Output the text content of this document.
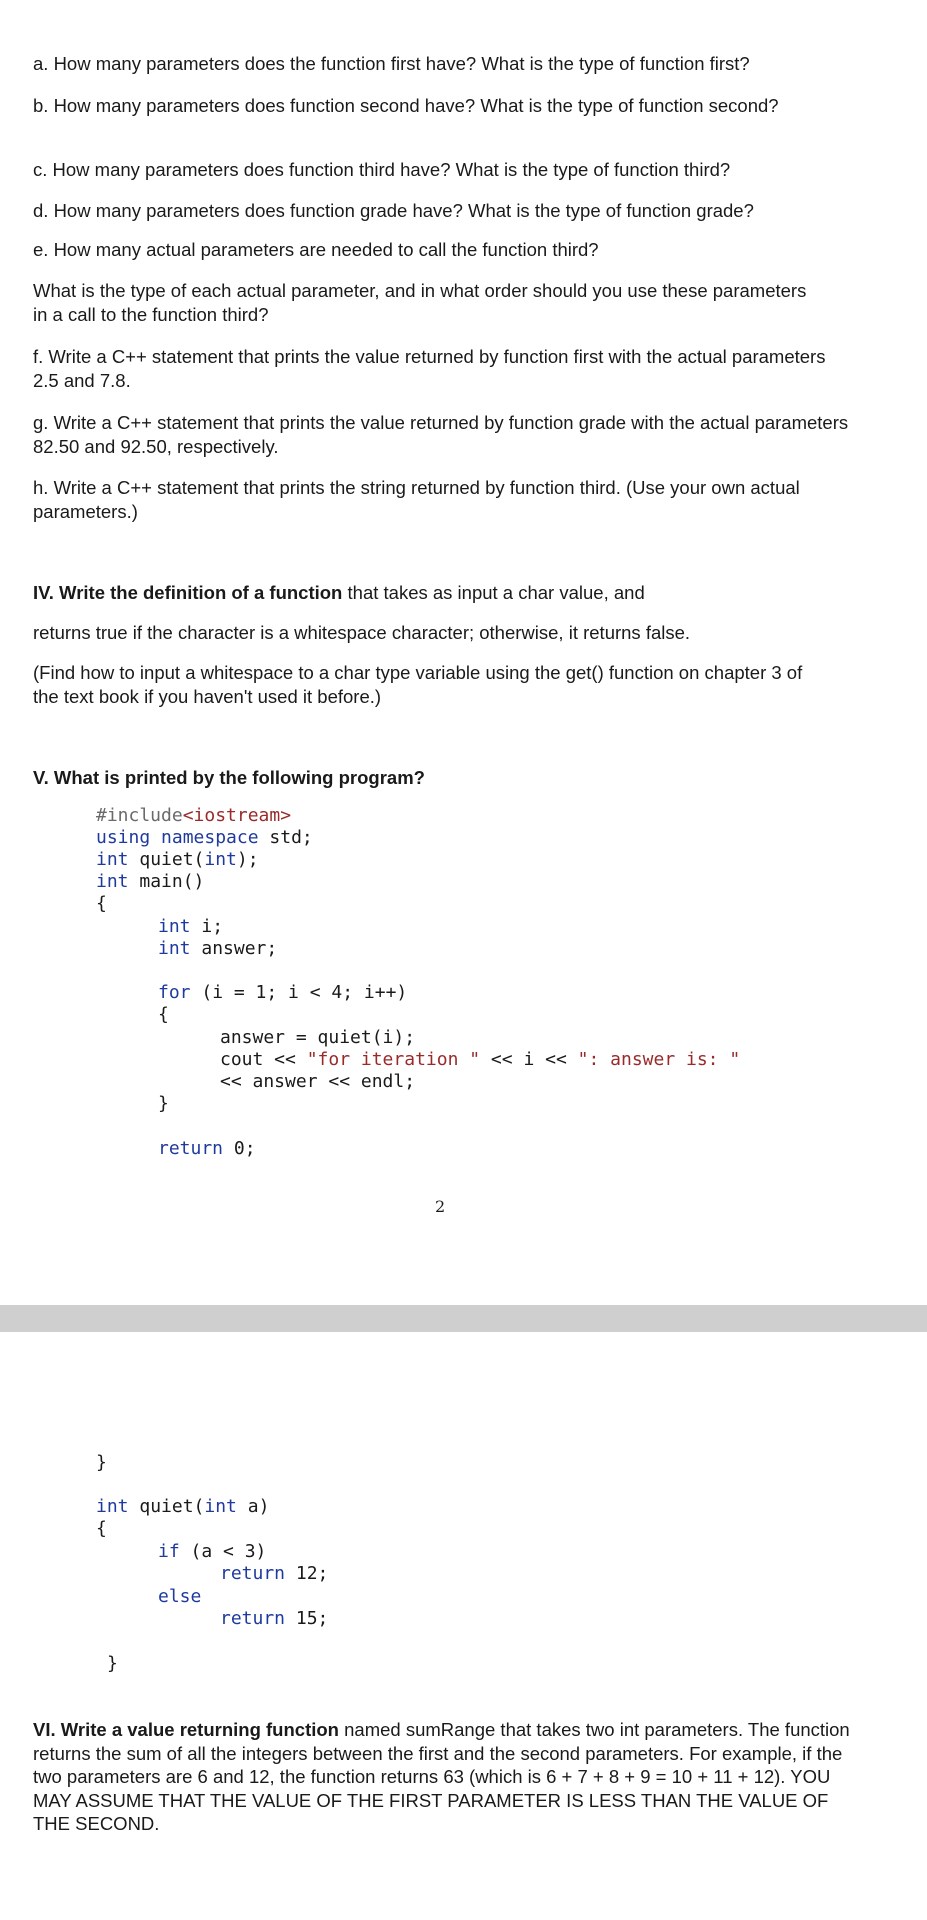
a. How many parameters does the function first have? What is the type of function first?

b. How many parameters does function second have? What is the type of function second?

c. How many parameters does function third have? What is the type of function third?

d. How many parameters does function grade have? What is the type of function grade?

e. How many actual parameters are needed to call the function third?

What is the type of each actual parameter, and in what order should you use these parameters in a call to the function third?

f. Write a C++ statement that prints the value returned by function first with the actual parameters 2.5 and 7.8.

g. Write a C++ statement that prints the value returned by function grade with the actual parameters 82.50 and 92.50, respectively.

h. Write a C++ statement that prints the string returned by function third. (Use your own actual parameters.)

IV. Write the definition of a function that takes as input a char value, and

returns true if the character is a whitespace character; otherwise, it returns false.

(Find how to input a whitespace to a char type variable using the get() function on chapter 3 of the text book if you haven't used it before.)

V. What is printed by the following program?

#include<iostream>
using namespace std;
int quiet(int);
int main()
{
int i;
int answer;
for (i = 1; i < 4; i++)
{
answer = quiet(i);
cout << "for iteration " << i << ": answer is: "
<< answer << endl;
}
return 0;
2
}

int quiet(int a)
{
if (a < 3)
return 12;
else
return 15;
}

VI. Write a value returning function named sumRange that takes two int parameters. The function returns the sum of all the integers between the first and the second parameters. For example, if the two parameters are 6 and 12, the function returns 63 (which is 6 + 7 + 8 + 9 = 10 + 11 + 12). YOU MAY ASSUME THAT THE VALUE OF THE FIRST PARAMETER IS LESS THAN THE VALUE OF THE SECOND.
